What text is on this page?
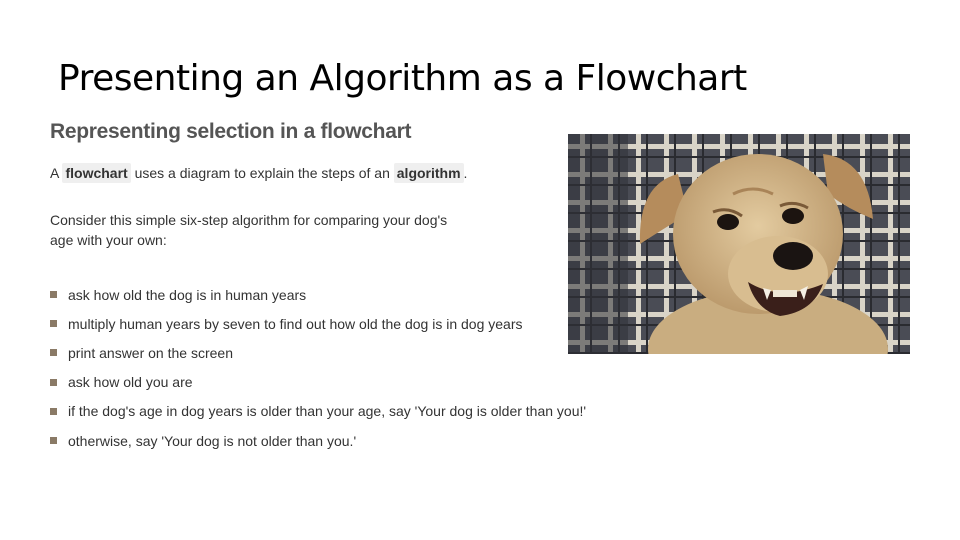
Presenting an Algorithm as a Flowchart
Representing selection in a flowchart

A flowchart uses a diagram to explain the steps of an algorithm .

Consider this simple six-step algorithm for comparing your dog's age with your own:

ask how old the dog is in human years
multiply human years by seven to find out how old the dog is in dog years
print answer on the screen
ask how old you are
if the dog's age in dog years is older than your age, say 'Your dog is older than you!'
otherwise, say 'Your dog is not older than you.'
